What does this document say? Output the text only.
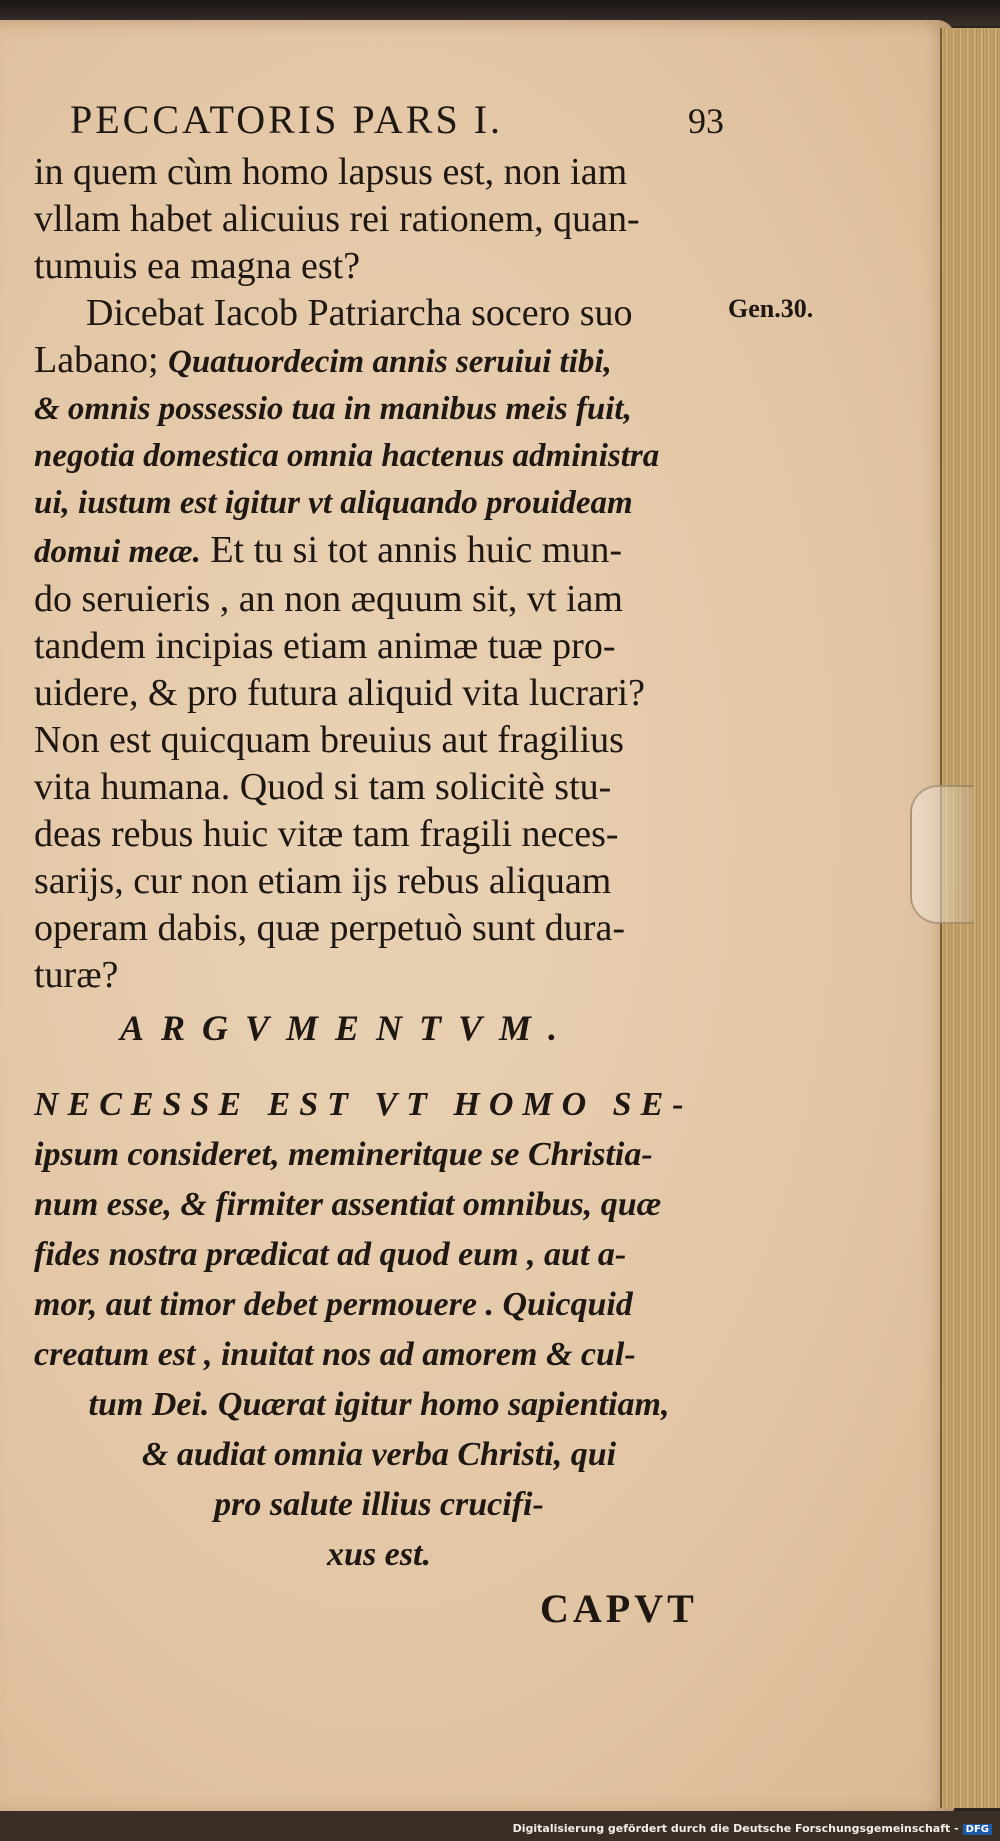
PECCATORIS PARS I.	93
in quem cùm homo lapsus est, non iam
vllam habet alicuius rei rationem, quan-
tumuis ea magna est?
Dicebat Iacob Patriarcha socero suo
Labano; Quatuordecim annis seruiui tibi,
& omnis possessio tua in manibus meis fuit,
negotia domestica omnia hactenus administra
ui, iustum est igitur vt aliquando prouideam
domui meæ. Et tu si tot annis huic mun-
do seruieris , an non æquum sit, vt iam
tandem incipias etiam animæ tuæ pro-
uidere, & pro futura aliquid vita lucrari?
Non est quicquam breuius aut fragilius
vita humana. Quod si tam solicitè stu-
deas rebus huic vitæ tam fragili neces-
sarijs, cur non etiam ijs rebus aliquam
operam dabis, quæ perpetuò sunt dura-
turæ?
Gen.30.
ARGVMENTVM.
NECESSE EST VT HOMO SE-
ipsum consideret, memineritque se Christia-
num esse, & firmiter assentiat omnibus, quæ
fides nostra prædicat ad quod eum , aut a-
mor, aut timor debet permouere . Quicquid
creatum est , inuitat nos ad amorem & cul-
tum Dei. Quærat igitur homo sapientiam,
& audiat omnia verba Christi, qui
pro salute illius crucifi-
xus est.
CAPVT
Digitalisierung gefördert durch die Deutsche Forschungsgemeinschaft - DFG
